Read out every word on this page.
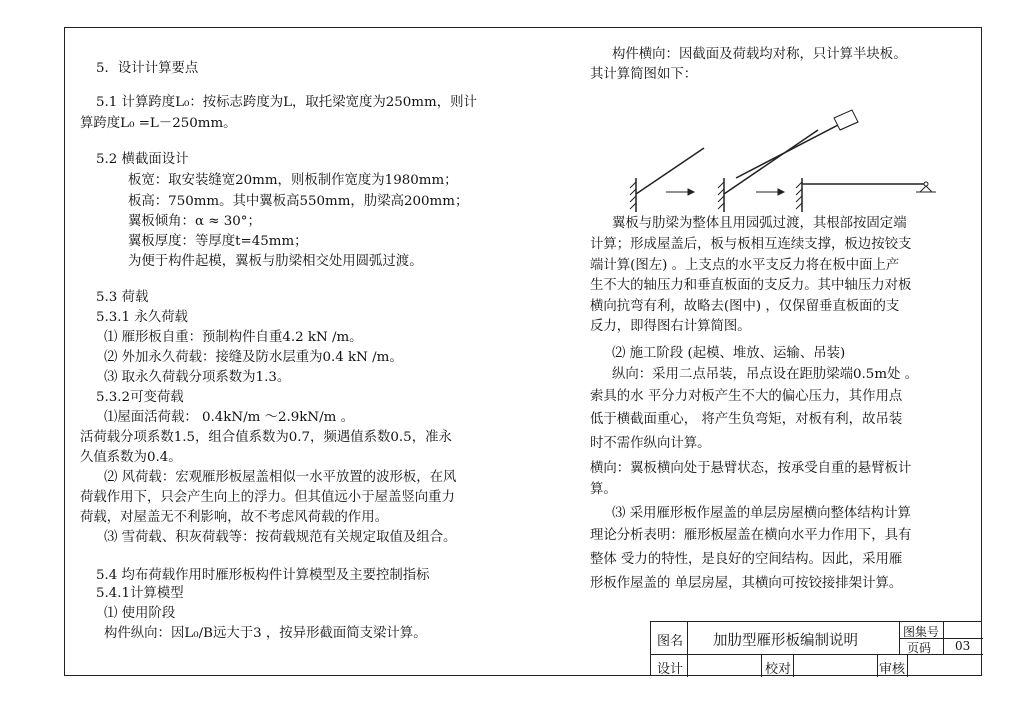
5．设计计算要点
5.1 计算跨度L₀：按标志跨度为L，取托梁宽度为250mm，则计
算跨度L₀ =L－250mm。
5.2 横截面设计
板宽：取安装缝宽20mm，则板制作宽度为1980mm；
板高：750mm。其中翼板高550mm，肋梁高200mm；
翼板倾角：α ≈ 30°；
翼板厚度：等厚度t=45mm；
为便于构件起模，翼板与肋梁相交处用圆弧过渡。
5.3 荷载
5.3.1 永久荷载
⑴ 雁形板自重：预制构件自重4.2 kN /m。
⑵ 外加永久荷载：接缝及防水层重为0.4 kN /m。
⑶ 取永久荷载分项系数为1.3。
5.3.2可变荷载
⑴屋面活荷载： 0.4kN/m ～2.9kN/m 。
活荷载分项系数1.5，组合值系数为0.7，频遇值系数0.5，准永
久值系数为0.4。
⑵ 风荷载：宏观雁形板屋盖相似一水平放置的波形板，在风
荷载作用下，只会产生向上的浮力。但其值远小于屋盖竖向重力
荷载，对屋盖无不利影响，故不考虑风荷载的作用。
⑶ 雪荷载、积灰荷载等：按荷载规范有关规定取值及组合。
5.4 均布荷载作用时雁形板构件计算模型及主要控制指标
5.4.1计算模型
⑴ 使用阶段
构件纵向：因L₀/B远大于3 ，按异形截面简支梁计算。
构件横向：因截面及荷载均对称，只计算半块板。
其计算简图如下：
翼板与肋梁为整体且用园弧过渡，其根部按固定端
计算；形成屋盖后，板与板相互连续支撑，板边按铰支
端计算(图左) 。上支点的水平支反力将在板中面上产
生不大的轴压力和垂直板面的支反力。其中轴压力对板
横向抗弯有利，故略去(图中) ，仅保留垂直板面的支
反力，即得图右计算简图。
⑵ 施工阶段 (起模、堆放、运输、吊装)
纵向：采用二点吊装，吊点设在距肋梁端0.5m处 。
索具的水 平分力对板产生不大的偏心压力，其作用点
低于横截面重心， 将产生负弯矩，对板有利，故吊装
时不需作纵向计算。
横向：翼板横向处于悬臂状态，按承受自重的悬臂板计
算。
⑶ 采用雁形板作屋盖的单层房屋横向整体结构计算
理论分析表明：雁形板屋盖在横向水平力作用下，具有
整体 受力的特性，是良好的空间结构。因此，采用雁
形板作屋盖的 单层房屋，其横向可按铰接排架计算。
图名 加肋型雁形板编制说明
图集号
页码 03
设计	校对	审核
